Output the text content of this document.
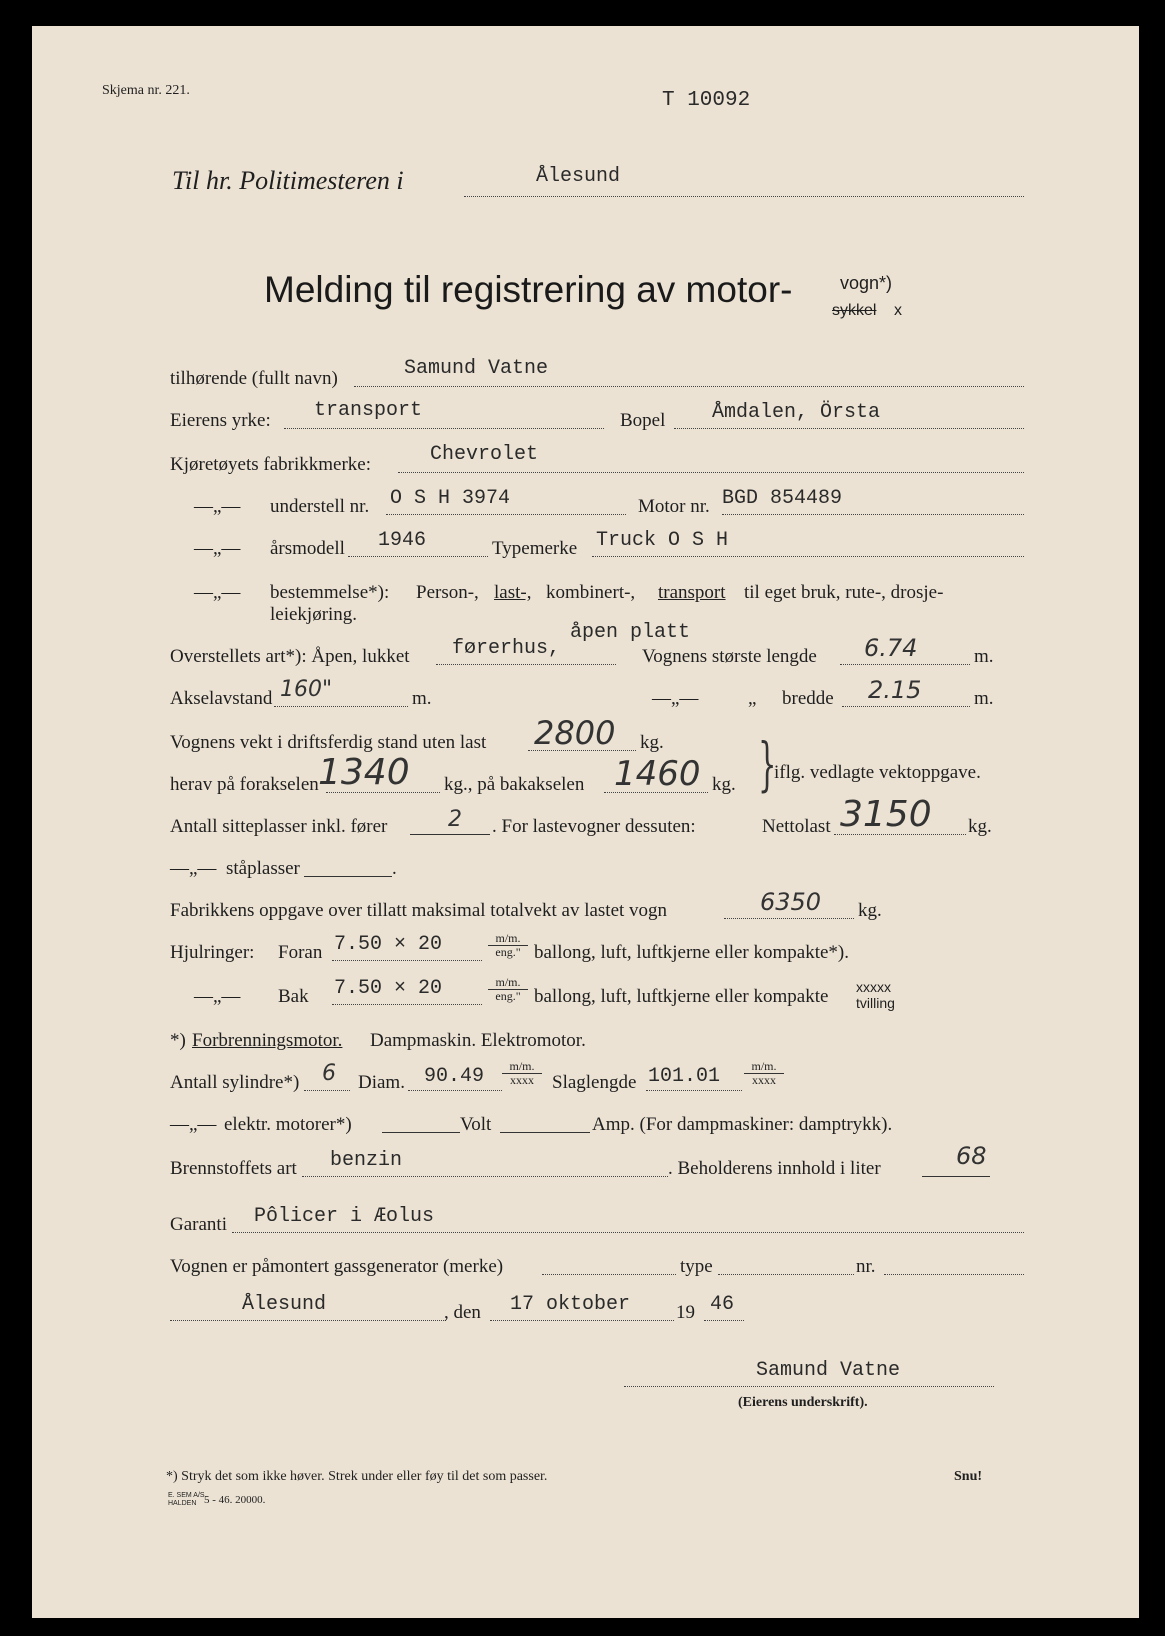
Skjema nr. 221.	T 10092
Til hr. Politimesteren i	Ålesund
Melding til registrering av motor-	vogn*)
sykkel x
tilhørende (fullt navn)	Samund Vatne
Eierens yrke: transport	Bopel Åmdalen, Örsta
Kjøretøyets fabrikkmerke:	Chevrolet
—„— understell nr. O S H 3974	Motor nr. BGD 854489
—„— årsmodell 1946	Typemerke Truck O S H
—„— bestemmelse*): Person-, last-, kombinert-, transport til eget bruk, rute-, drosje-
leiekjøring.
åpen platt
Overstellets art*): Åpen, lukket førerhus,	Vognens største lengde 6.74	m.
Akselavstand 160"	m.	—„—	„ bredde 2.15	m.
Vognens vekt i driftsferdig stand uten last 2800 kg.
herav på forakselen 1340 kg., på bakakselen 1460 kg. }
iflg. vedlagte vektoppgave.
Antall sitteplasser inkl. fører	2 . For lastevogner dessuten:	Nettolast 3150 kg.
—„— ståplasser	.
Fabrikkens oppgave over tillatt maksimal totalvekt av lastet vogn	6350 kg.
Hjulringer: Foran 7.50 × 20	m/m.
eng." ballong, luft, luftkjerne eller kompakte*).
—„— Bak 7.50 × 20	m/m.
eng." ballong, luft, luftkjerne eller kompakte xxxxx
tvilling
*) Forbrenningsmotor. Dampmaskin. Elektromotor.
Antall sylindre*) 6 Diam. 90.49	m/m.
xxxx Slaglengde 101.01	m/m.
xxxx
—„— elektr. motorer*)	Volt	Amp. (For dampmaskiner: damptrykk).
Brennstoffets art benzin	. Beholderens innhold i liter	68
Garanti Pôlicer i Æolus
Vognen er påmontert gassgenerator (merke)	type	nr.
Ålesund	, den 17 oktober 19 46
Samund Vatne
(Eierens underskrift).
*) Stryk det som ikke høver. Strek under eller føy til det som passer.	Snu!
E. SEM A/S
HALDEN 5 - 46. 20000.
